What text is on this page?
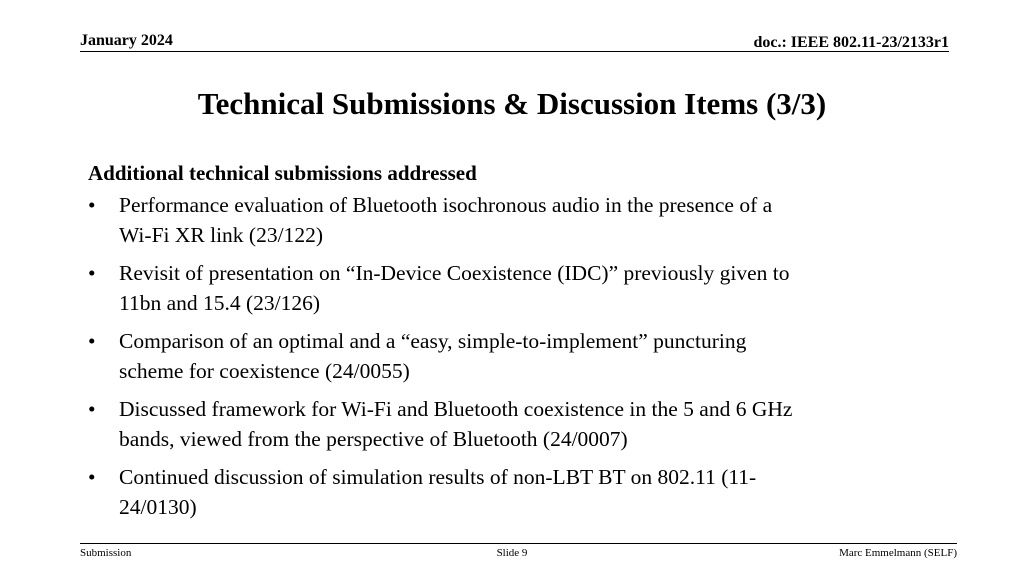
January 2024	doc.: IEEE 802.11-23/2133r1
Technical Submissions & Discussion Items (3/3)
Additional technical submissions addressed
• Performance evaluation of Bluetooth isochronous audio in the presence of a
Wi-Fi XR link (23/122)
• Revisit of presentation on “In-Device Coexistence (IDC)” previously given to
11bn and 15.4 (23/126)
• Comparison of an optimal and a “easy, simple-to-implement” puncturing
scheme for coexistence (24/0055)
• Discussed framework for Wi-Fi and Bluetooth coexistence in the 5 and 6 GHz
bands, viewed from the perspective of Bluetooth (24/0007)
• Continued discussion of simulation results of non-LBT BT on 802.11 (11-
24/0130)
Submission	Slide 9	Marc Emmelmann (SELF)
